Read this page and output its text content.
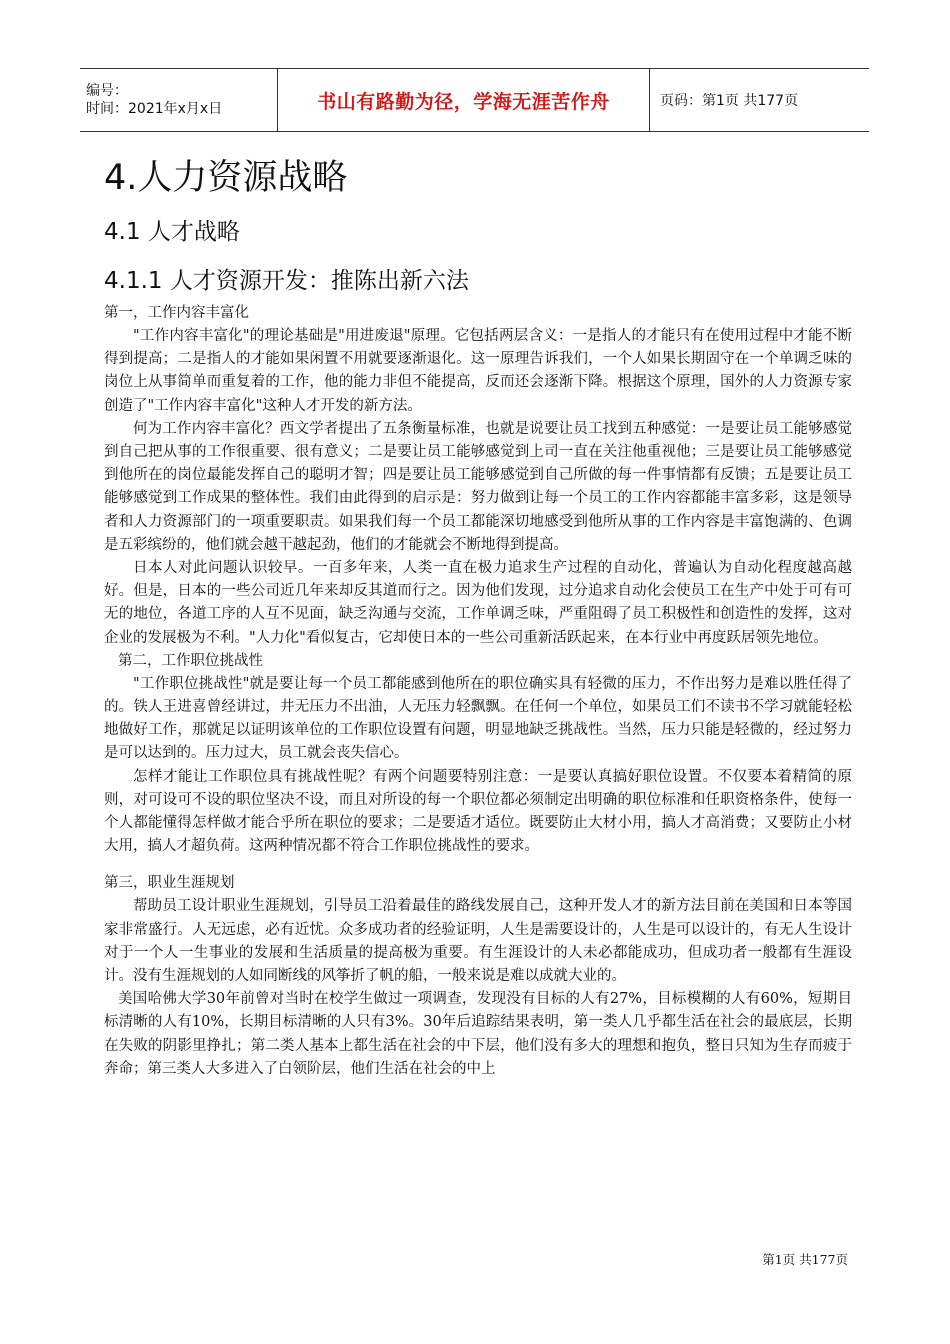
编号：
时间：2021年x月x日	书山有路勤为径，学海无涯苦作舟	页码：第1页 共177页
4.人力资源战略
4.1 人才战略
4.1.1 人才资源开发：推陈出新六法

第一，工作内容丰富化

"工作内容丰富化"的理论基础是"用进废退"原理。它包括两层含义：一是指人的才能只有在使用过程中才能不断得到提高；二是指人的才能如果闲置不用就要逐渐退化。这一原理告诉我们，一个人如果长期固守在一个单调乏味的岗位上从事简单而重复着的工作，他的能力非但不能提高，反而还会逐渐下降。根据这个原理，国外的人力资源专家创造了"工作内容丰富化"这种人才开发的新方法。

何为工作内容丰富化？西文学者提出了五条衡量标准，也就是说要让员工找到五种感觉：一是要让员工能够感觉到自己把从事的工作很重要、很有意义；二是要让员工能够感觉到上司一直在关注他重视他；三是要让员工能够感觉到他所在的岗位最能发挥自己的聪明才智；四是要让员工能够感觉到自己所做的每一件事情都有反馈；五是要让员工能够感觉到工作成果的整体性。我们由此得到的启示是：努力做到让每一个员工的工作内容都能丰富多彩，这是领导者和人力资源部门的一项重要职责。如果我们每一个员工都能深切地感受到他所从事的工作内容是丰富饱满的、色调是五彩缤纷的，他们就会越干越起劲，他们的才能就会不断地得到提高。

日本人对此问题认识较早。一百多年来，人类一直在极力追求生产过程的自动化，普遍认为自动化程度越高越好。但是，日本的一些公司近几年来却反其道而行之。因为他们发现，过分追求自动化会使员工在生产中处于可有可无的地位，各道工序的人互不见面，缺乏沟通与交流，工作单调乏味，严重阻碍了员工积极性和创造性的发挥，这对企业的发展极为不利。"人力化"看似复古，它却使日本的一些公司重新活跃起来，在本行业中再度跃居领先地位。

第二，工作职位挑战性

"工作职位挑战性"就是要让每一个员工都能感到他所在的职位确实具有轻微的压力，不作出努力是难以胜任得了的。铁人王进喜曾经讲过，井无压力不出油，人无压力轻飘飘。在任何一个单位，如果员工们不读书不学习就能轻松地做好工作，那就足以证明该单位的工作职位设置有问题，明显地缺乏挑战性。当然，压力只能是轻微的，经过努力是可以达到的。压力过大，员工就会丧失信心。

怎样才能让工作职位具有挑战性呢？有两个问题要特别注意：一是要认真搞好职位设置。不仅要本着精简的原则，对可设可不设的职位坚决不设，而且对所设的每一个职位都必须制定出明确的职位标准和任职资格条件，使每一个人都能懂得怎样做才能合乎所在职位的要求；二是要适才适位。既要防止大材小用，搞人才高消费；又要防止小材大用，搞人才超负荷。这两种情况都不符合工作职位挑战性的要求。

第三，职业生涯规划

帮助员工设计职业生涯规划，引导员工沿着最佳的路线发展自己，这种开发人才的新方法目前在美国和日本等国家非常盛行。人无远虑，必有近忧。众多成功者的经验证明，人生是需要设计的，人生是可以设计的，有无人生设计对于一个人一生事业的发展和生活质量的提高极为重要。有生涯设计的人未必都能成功，但成功者一般都有生涯设计。没有生涯规划的人如同断线的风筝折了帆的船，一般来说是难以成就大业的。

美国哈佛大学30年前曾对当时在校学生做过一项调查，发现没有目标的人有27%，目标模糊的人有60%，短期目标清晰的人有10%，长期目标清晰的人只有3%。30年后追踪结果表明，第一类人几乎都生活在社会的最底层，长期在失败的阴影里挣扎；第二类人基本上都生活在社会的中下层，他们没有多大的理想和抱负，整日只知为生存而疲于奔命；第三类人大多进入了白领阶层，他们生活在社会的中上

第1页 共177页
